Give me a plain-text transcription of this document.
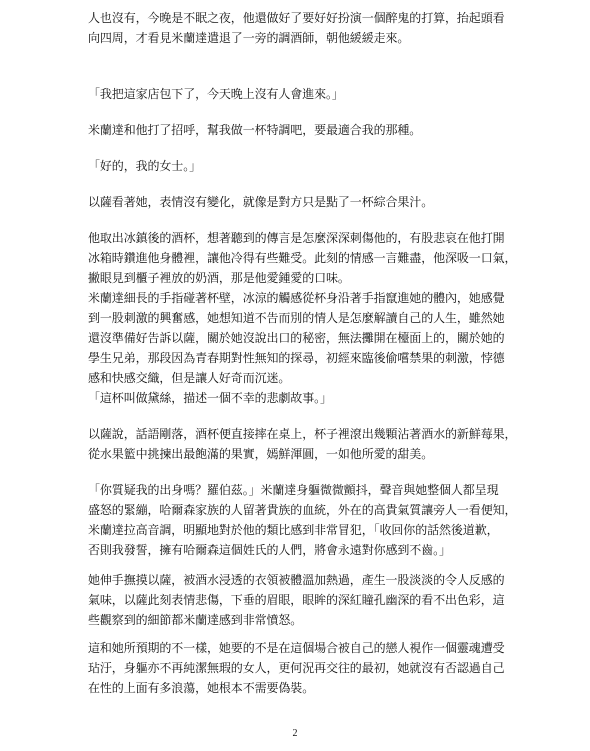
人也沒有，今晚是不眠之夜，他還做好了要好好扮演一個醉鬼的打算，抬起頭看
向四周，才看見米蘭達遣退了一旁的調酒師，朝他緩緩走來。
「我把這家店包下了，今天晚上沒有人會進來。」
米蘭達和他打了招呼，幫我做一杯特調吧，要最適合我的那種。
「好的，我的女士。」
以薩看著她，表情沒有變化，就像是對方只是點了一杯綜合果汁。
他取出冰鎮後的酒杯，想著聽到的傳言是怎麼深深刺傷他的，有股悲哀在他打開
冰箱時鑽進他身體裡，讓他冷得有些難受。此刻的情感一言難盡，他深吸一口氣，
撇眼見到櫃子裡放的奶酒，那是他愛鍾愛的口味。
米蘭達細長的手指碰著杯壁，冰涼的觸感從杯身沿著手指竄進她的體內，她感覺
到一股刺激的興奮感，她想知道不告而別的情人是怎麼解讀自己的人生，雖然她
還沒準備好告訴以薩，關於她沒說出口的秘密，無法攤開在檯面上的，關於她的
學生兄弟，那段因為青春期對性無知的探尋，初經來臨後偷嚐禁果的刺激，悖德
感和快感交織，但是讓人好奇而沉迷。
「這杯叫做黛絲，描述一個不幸的悲劇故事。」
以薩說，話語剛落，酒杯便直接摔在桌上，杯子裡滾出幾顆沾著酒水的新鮮莓果，
從水果籃中挑揀出最飽滿的果實，嫣鮮渾圓，一如他所愛的甜美。
「你質疑我的出身嗎？羅伯茲。」米蘭達身軀微微顫抖，聲音與她整個人都呈現
盛怒的緊繃，哈爾森家族的人留著貴族的血統，外在的高貴氣質讓旁人一看便知，
米蘭達拉高音調，明顯地對於他的類比感到非常冒犯，「收回你的話然後道歉，
否則我發誓，擁有哈爾森這個姓氏的人們，將會永遠對你感到不齒。」
她伸手撫摸以薩，被酒水浸透的衣領被體溫加熱過，產生一股淡淡的令人反感的
氣味，以薩此刻表情悲傷，下垂的眉眼，眼眸的深紅瞳孔幽深的看不出色彩，這
些觀察到的細節都米蘭達感到非常憤怒。
這和她所預期的不一樣，她要的不是在這個場合被自己的戀人視作一個靈魂遭受
玷汙，身軀亦不再純潔無瑕的女人，更何況再交往的最初，她就沒有否認過自己
在性的上面有多浪蕩，她根本不需要偽裝。
2
